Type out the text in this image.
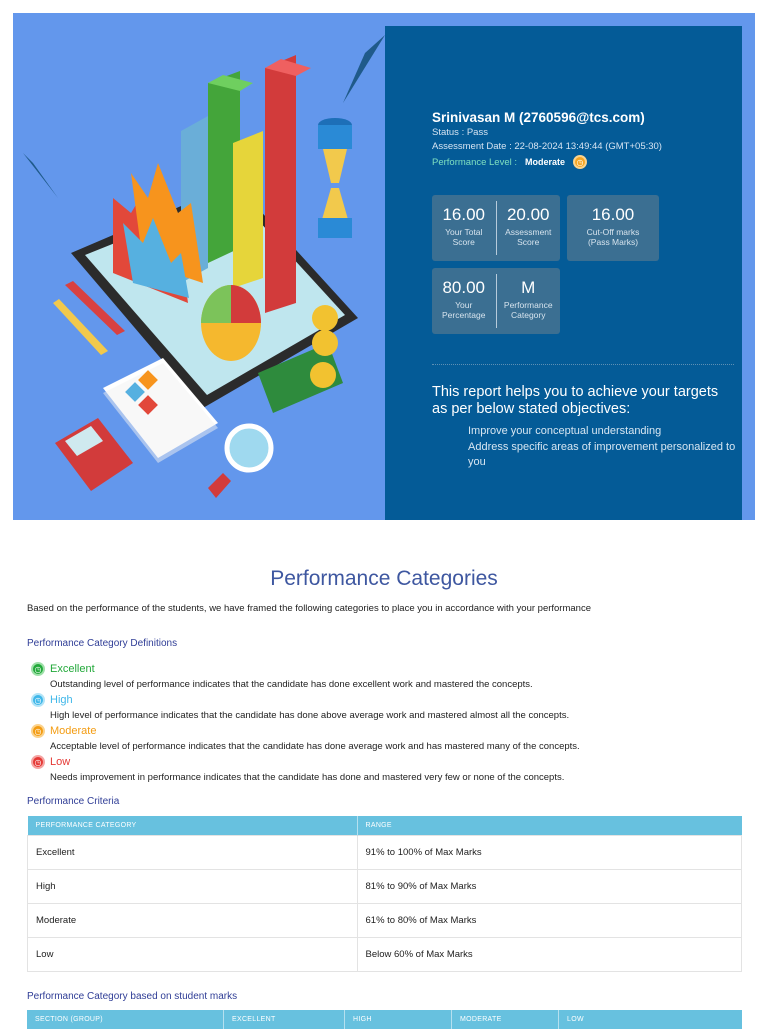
Srinivasan M (2760596@tcs.com)
Status : Pass
Assessment Date : 22-08-2024 13:49:44 (GMT+05:30)
Performance Level : Moderate	◷
16.00
Your Total Score
20.00
Assessment Score
16.00
Cut-Off marks (Pass Marks)
80.00
Your Percentage
M
Performance Category
This report helps you to achieve your targets as per below stated objectives:
Improve your conceptual understanding
Address specific areas of improvement personalized to you
Performance Categories
Based on the performance of the students, we have framed the following categories to place you in accordance with your performance
Performance Category Definitions
◷ Excellent
Outstanding level of performance indicates that the candidate has done excellent work and mastered the concepts.
◷ High
High level of performance indicates that the candidate has done above average work and mastered almost all the concepts.
◷ Moderate
Acceptable level of performance indicates that the candidate has done average work and has mastered many of the concepts.
◷ Low
Needs improvement in performance indicates that the candidate has done and mastered very few or none of the concepts.
Performance Criteria
PERFORMANCE CATEGORY	RANGE
Excellent	91% to 100% of Max Marks
High	81% to 90% of Max Marks
Moderate	61% to 80% of Max Marks
Low	Below 60% of Max Marks
Performance Category based on student marks
SECTION (GROUP)	EXCELLENT	HIGH	MODERATE	LOW
